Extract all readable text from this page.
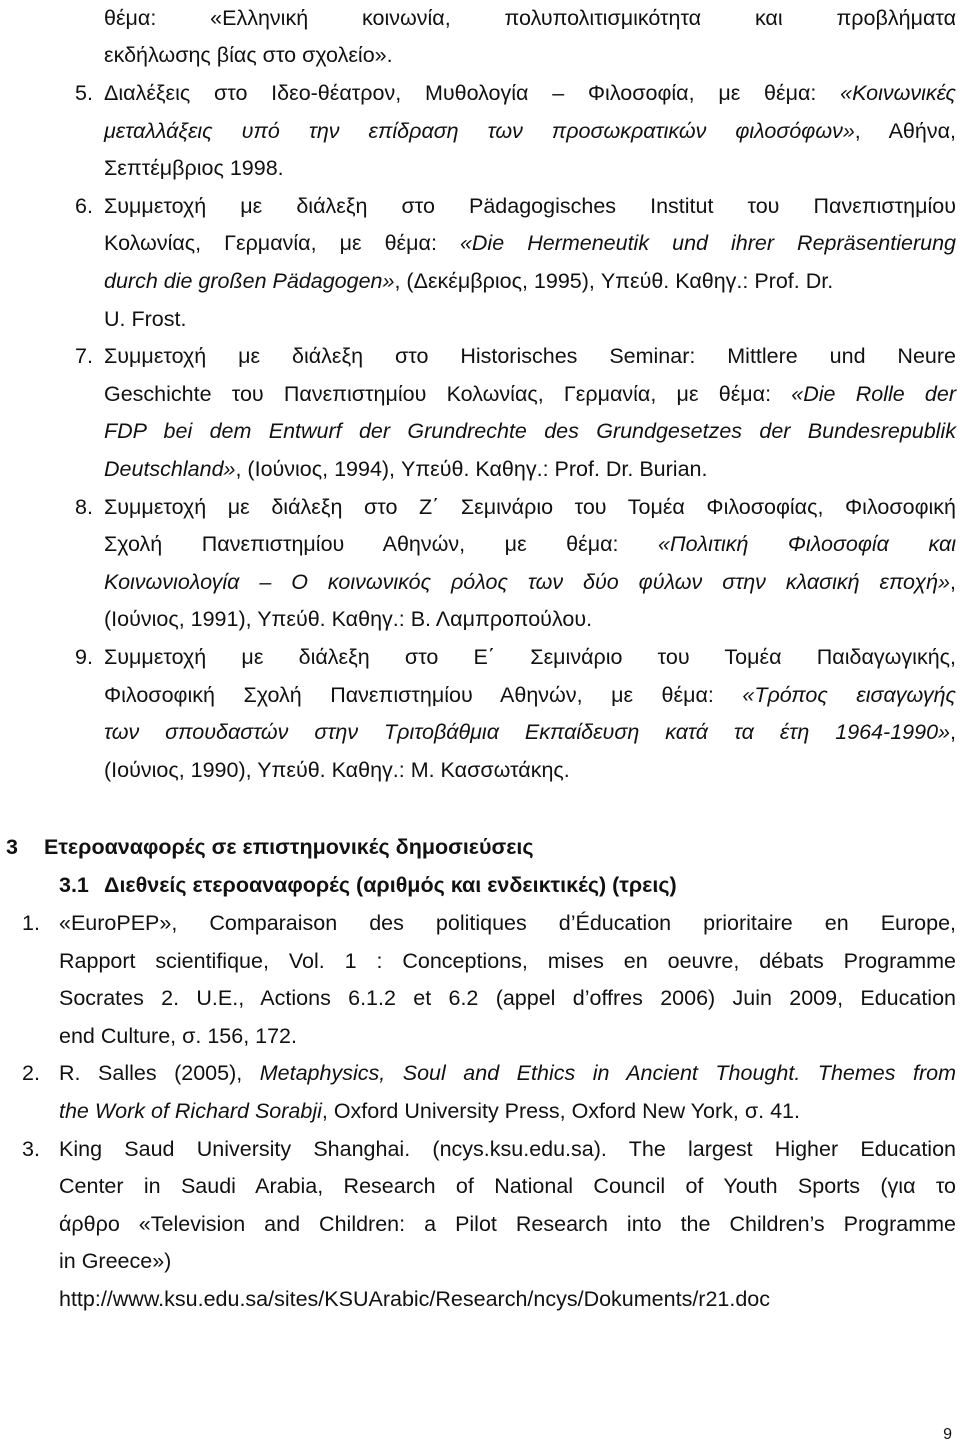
θέμα: «Ελληνική κοινωνία, πολυπολιτισμικότητα και προβλήματα
εκδήλωσης βίας στο σχολείο».
5. Διαλέξεις στο Ιδεο-θέατρον, Μυθολογία – Φιλοσοφία, με θέμα: «Κοινωνικές
μεταλλάξεις υπό την επίδραση των προσωκρατικών φιλοσόφων», Αθήνα,
Σεπτέμβριος 1998.
6. Συμμετοχή με διάλεξη στο Pädagogisches Institut του Πανεπιστημίου
Κολωνίας, Γερμανία, με θέμα: «Die Hermeneutik und ihrer Repräsentierung
durch die großen Pädagogen», (Δεκέμβριος, 1995), Υπεύθ. Καθηγ.: Prof. Dr.
U. Frost.
7. Συμμετοχή με διάλεξη στο Historisches Seminar: Mittlere und Neure
Geschichte του Πανεπιστημίου Κολωνίας, Γερμανία, με θέμα: «Die Rolle der
FDP bei dem Entwurf der Grundrechte des Grundgesetzes der Bundesrepublik
Deutschland», (Ιούνιος, 1994), Υπεύθ. Καθηγ.: Prof. Dr. Burian.
8. Συμμετοχή με διάλεξη στο Ζ΄ Σεμινάριο του Τομέα Φιλοσοφίας, Φιλοσοφική
Σχολή Πανεπιστημίου Αθηνών, με θέμα: «Πολιτική Φιλοσοφία και
Κοινωνιολογία – Ο κοινωνικός ρόλος των δύο φύλων στην κλασική εποχή»,
(Ιούνιος, 1991), Υπεύθ. Καθηγ.: Β. Λαμπροπούλου.
9. Συμμετοχή με διάλεξη στο Ε΄ Σεμινάριο του Τομέα Παιδαγωγικής,
Φιλοσοφική Σχολή Πανεπιστημίου Αθηνών, με θέμα: «Τρόπος εισαγωγής
των σπουδαστών στην Τριτοβάθμια Εκπαίδευση κατά τα έτη 1964-1990»,
(Ιούνιος, 1990), Υπεύθ. Καθηγ.: Μ. Κασσωτάκης.
3 Ετεροαναφορές σε επιστημονικές δημοσιεύσεις
3.1 Διεθνείς ετεροαναφορές (αριθμός και ενδεικτικές) (τρεις)
1. «EuroPEP», Comparaison des politiques d’Éducation prioritaire en Europe,
Rapport scientifique, Vol. 1 : Conceptions, mises en oeuvre, débats Programme
Socrates 2. U.E., Actions 6.1.2 et 6.2 (appel d’offres 2006) Juin 2009, Education
end Culture, σ. 156, 172.
2. R. Salles (2005), Metaphysics, Soul and Ethics in Ancient Thought. Themes from
the Work of Richard Sorabji, Oxford University Press, Oxford New York, σ. 41.
3. King Saud University Shanghai. (ncys.ksu.edu.sa). The largest Higher Education
Center in Saudi Arabia, Research of National Council of Youth Sports (για το
άρθρο «Television and Children: a Pilot Research into the Children’s Programme
in Greece»)
http://www.ksu.edu.sa/sites/KSUArabic/Research/ncys/Dokuments/r21.doc
9
